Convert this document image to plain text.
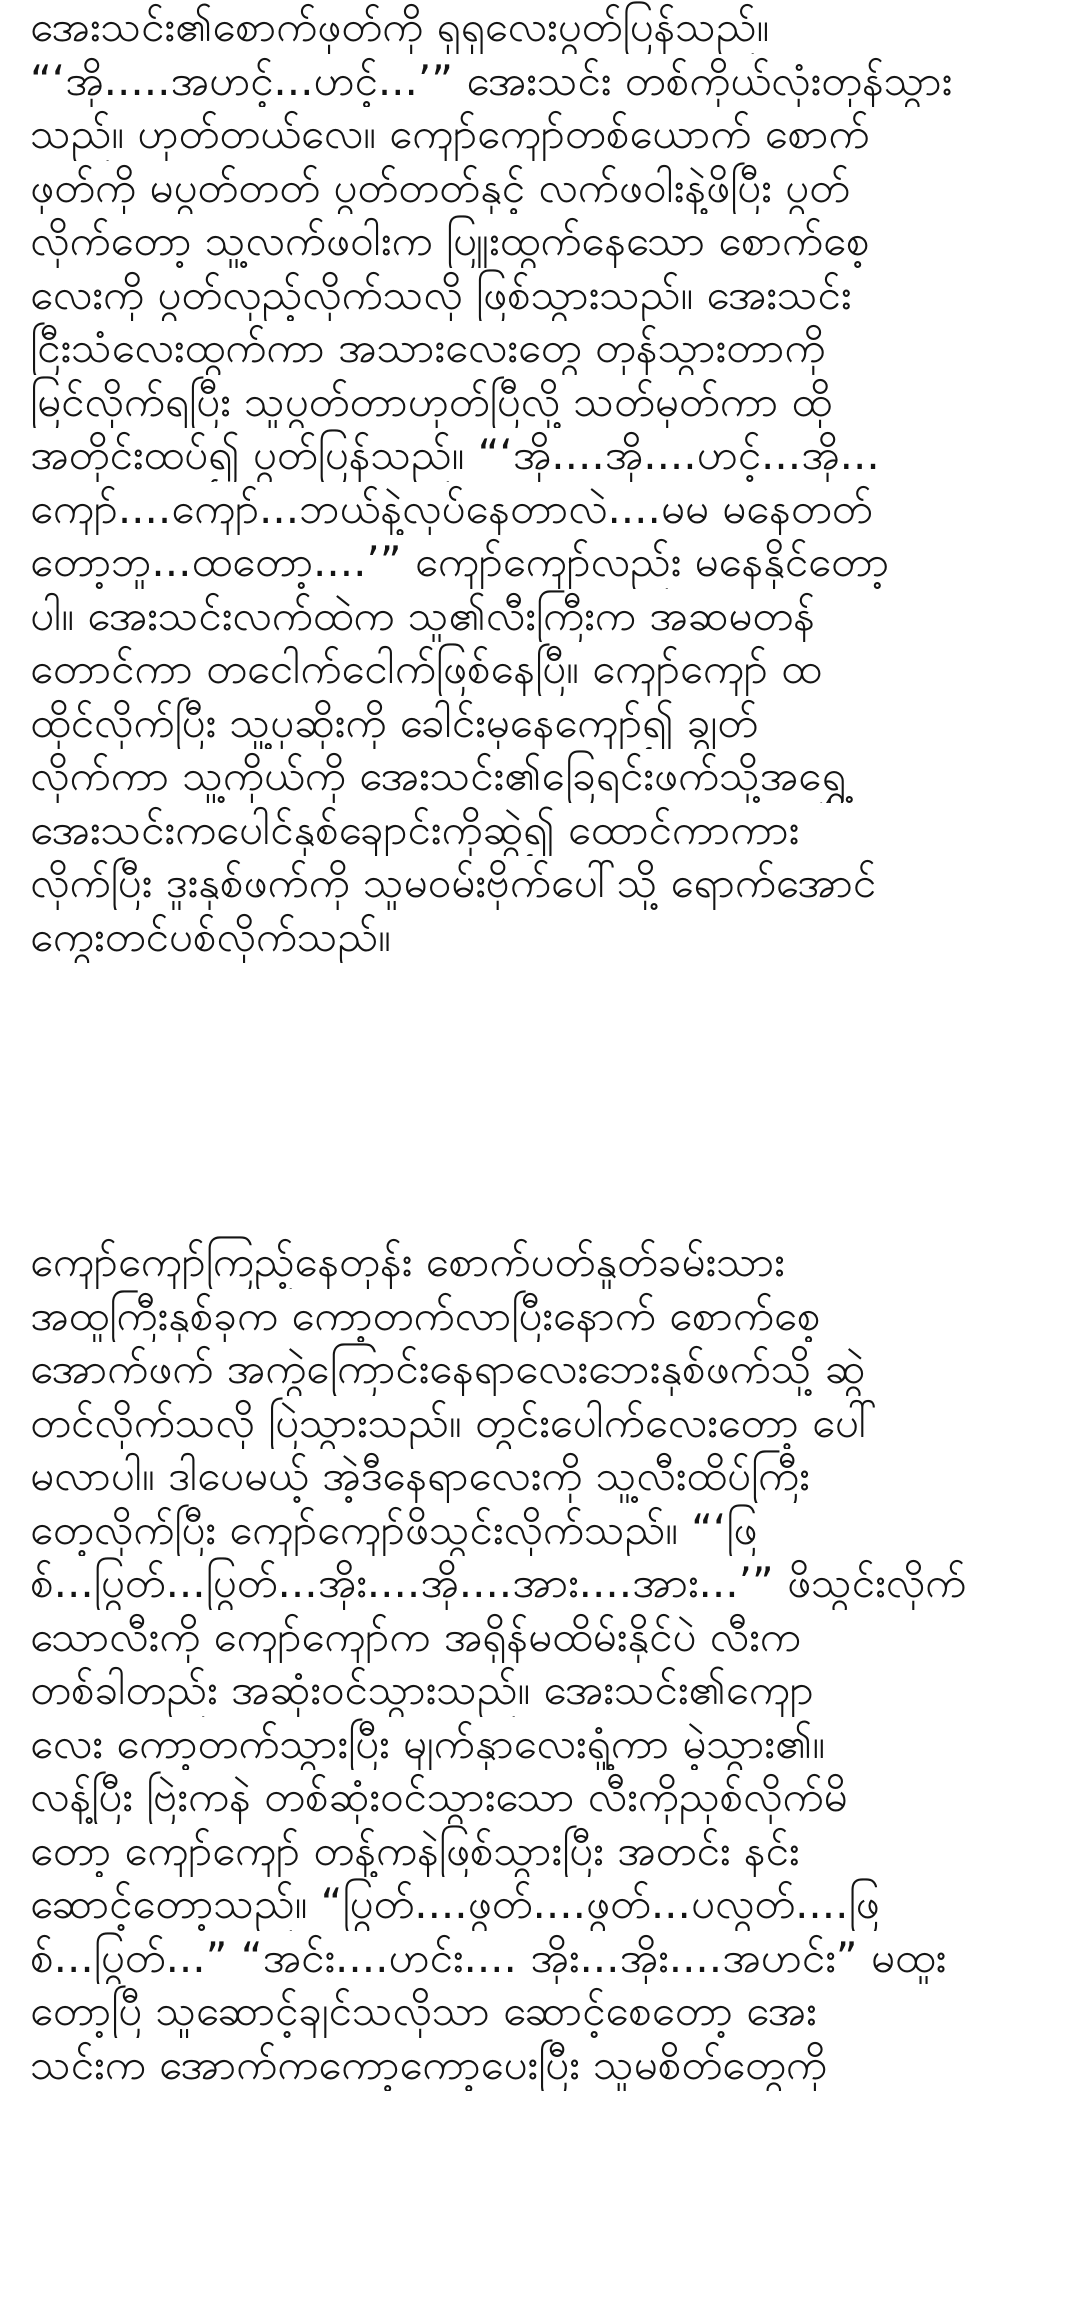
အေးသင်း၏စောက်ဖုတ်ကို ရှရှလေးပွတ်ပြန်သည်။
“‘အို.....အဟင့်...ဟင့်...’” အေးသင်း တစ်ကိုယ်လုံးတုန်သွား
သည်။ ဟုတ်တယ်လေ။ ကျော်ကျော်တစ်ယောက် စောက်
ဖုတ်ကို မပွတ်တတ် ပွတ်တတ်နှင့် လက်ဖဝါးနဲ့ဖိပြီး ပွတ်
လိုက်တော့ သူ့လက်ဖဝါးက ပြူးထွက်နေသော စောက်စေ့
လေးကို ပွတ်လှည့်လိုက်သလို ဖြစ်သွားသည်။ အေးသင်း
ငြီးသံလေးထွက်ကာ အသားလေးတွေ တုန်သွားတာကို
မြင်လိုက်ရပြီး သူပွတ်တာဟုတ်ပြီလို့ သတ်မှတ်ကာ ထို
အတိုင်းထပ်၍ ပွတ်ပြန်သည်။ “‘အို....အို....ဟင့်...အို...
ကျော်....ကျော်...ဘယ်နဲ့လုပ်နေတာလဲ....မမ မနေတတ်
တော့ဘူ...ထတော့....’” ကျော်ကျော်လည်း မနေနိုင်တော့
ပါ။ အေးသင်းလက်ထဲက သူ၏လီးကြီးက အဆမတန်
တောင်ကာ တငေါက်ငေါက်ဖြစ်နေပြီ။ ကျော်ကျော် ထ
ထိုင်လိုက်ပြီး သူ့ပုဆိုးကို ခေါင်းမှနေကျော်၍ ချွတ်
လိုက်ကာ သူ့ကိုယ်ကို အေးသင်း၏ခြေရင်းဖက်သို့အရွှေ့
အေးသင်းကပေါင်နှစ်ချောင်းကိုဆွဲ၍ ထောင်ကာကား
လိုက်ပြီး ဒူးနှစ်ဖက်ကို သူမဝမ်းဗိုက်ပေါ်သို့ ရောက်အောင်
ကွေးတင်ပစ်လိုက်သည်။

ကျော်ကျော်ကြည့်နေတုန်း စောက်ပတ်နှုတ်ခမ်းသား
အထူကြီးနှစ်ခုက ကော့တက်လာပြီးနောက် စောက်စေ့
အောက်ဖက် အကွဲကြောင်းနေရာလေးဘေးနှစ်ဖက်သို့ ဆွဲ
တင်လိုက်သလို ပြဲသွားသည်။ တွင်းပေါက်လေးတော့ ပေါ်
မလာပါ။ ဒါပေမယ့် အဲ့ဒီနေရာလေးကို သူ့လီးထိပ်ကြီး
တေ့လိုက်ပြီး ကျော်ကျော်ဖိသွင်းလိုက်သည်။ “‘ဖြ
စ်...ပြွတ်...ပြွတ်...အိုး....အို....အား....အား...’” ဖိသွင်းလိုက်
သောလီးကို ကျော်ကျော်က အရှိန်မထိမ်းနိုင်ပဲ လီးက
တစ်ခါတည်း အဆုံးဝင်သွားသည်။ အေးသင်း၏ကျော
လေး ကော့တက်သွားပြီး မျက်နှာလေးရှုံ့ကာ မဲ့သွား၏။
လန့်ပြီး ဗြဲးကနဲ တစ်ဆုံးဝင်သွားသော လီးကိုညှစ်လိုက်မိ
တော့ ကျော်ကျော် တန့်ကနဲဖြစ်သွားပြီး အတင်း နင်း
ဆောင့်တော့သည်။ “ပြွတ်....ဖွတ်....ဖွတ်...ပလွတ်....ဖြ
စ်...ပြွတ်...” “အင်း....ဟင်း.... အိုး...အိုး....အဟင်း” မထူး
တော့ပြီ သူဆောင့်ချင်သလိုသာ ဆောင့်စေတော့ အေး
သင်းက အောက်ကကော့ကော့ပေးပြီး သူမစိတ်တွေကို
